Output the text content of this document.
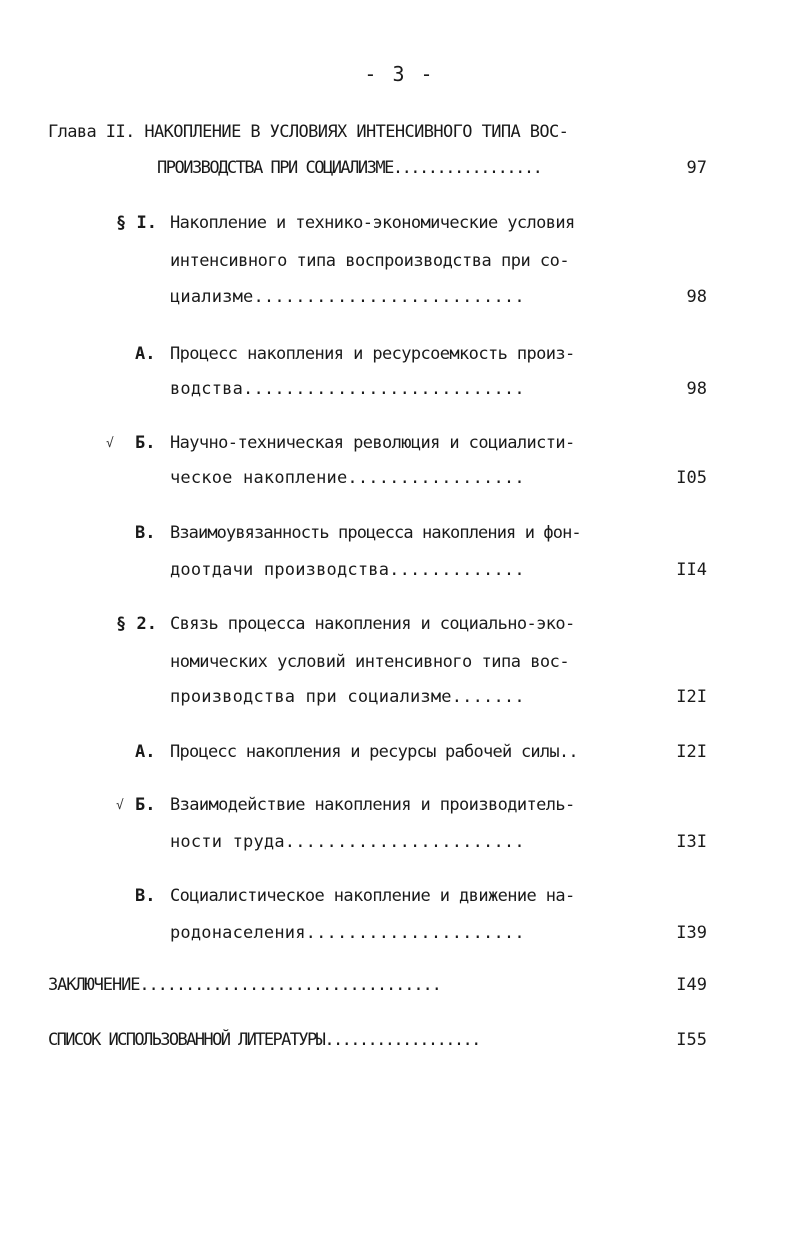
- 3 -
Глава II. НАКОПЛЕНИЕ В УСЛОВИЯХ ИНТЕНСИВНОГО ТИПА ВОС-
ПРОИЗВОДСТВА ПРИ СОЦИАЛИЗМЕ.................	97
§ I. Накопление и технико-экономические условия
интенсивного типа воспроизводства при со-
циализме..........................	98
А. Процесс накопления и ресурсоемкость произ-
водства...........................	98
√ Б. Научно-техническая революция и социалисти-
ческое накопление.................	I05
В. Взаимоувязанность процесса накопления и фон-
доотдачи производства.............	II4
§ 2. Связь процесса накопления и социально-эко-
номических условий интенсивного типа вос-
производства при социализме.......	I2I
А. Процесс накопления и ресурсы рабочей силы..	I2I
√ Б. Взаимодействие накопления и производитель-
ности труда.......................	I3I
В. Социалистическое накопление и движение на-
родонаселения.....................	I39
ЗАКЛЮЧЕНИЕ.................................	I49
СПИСОК ИСПОЛЬЗОВАННОЙ ЛИТЕРАТУРЫ..................	I55
